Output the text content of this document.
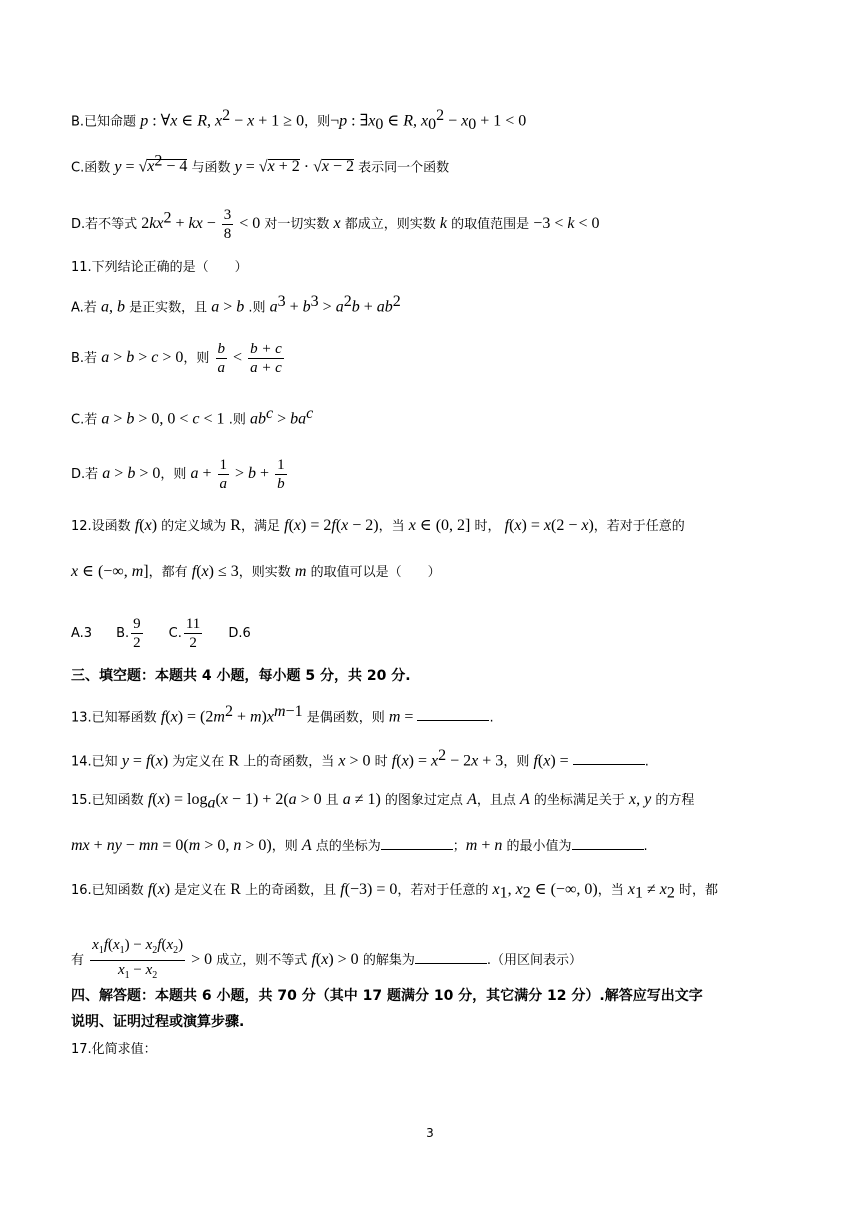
B.已知命题 p : ∀x ∈ R, $x^2 - x + 1 \ge 0$，则¬p : $\exists x_0$ ∈ R, $x_0^2 - x_0 + 1 < 0$
C.函数 $y = √x^2 - 4$ 与函数 y = √x + 2 · √x − 2 表示同一个函数
D.若不等式 $2kx^2$ + kx − $\frac{3}{8} < 0$ 对一切实数 x 都成立，则实数 k 的取值范围是 −3 < k < 0
11.下列结论正确的是（　　）
A.若 a, b 是正实数，且 a > b .则 $a^3 + b^3 > a^2b + ab^2$
B.若 a > b > c > 0，则 $\frac{b}{a} < \frac{b + c}{a + c}$
C.若 a > b > 0, 0 < c < 1 .则 $ab^c > ba^c$
D.若 a > b > 0，则 $a + \frac{1}{a} > b + \frac{1}{b}$
12.设函数 f(x) 的定义域为 R，满足 f(x) = 2f(x − 2)，当 x ∈ (0, 2] 时， f(x) = x(2 − x)，若对于任意的
x ∈ (−∞, m]，都有 f(x) ≤ 3，则实数 m 的取值可以是（　　）
A.3 B. $\frac{9}{2} C$. $\frac{11}{2} D.6$
三、填空题：本题共 4 小题，每小题 5 分，共 20 分.
13.已知幂函数 $f(x) = (2m^2 + m)x^{m-1}$ 是偶函数，则 m =	.
14.已知 y = f(x) 为定义在 R 上的奇函数，当 x > 0 时 $f(x) = x^2 - 2x + 3$，则 f(x) =	.
15.已知函数 $f(x) = \log_a(x - 1) + 2(a > 0$ 且 a ≠ 1) 的图象过定点 A，且点 A 的坐标满足关于 x, y 的方程
mx + ny − mn = 0(m > 0, n > 0)，则 A 点的坐标为	；m + n 的最小值为	.
16.已知函数 f(x) 是定义在 R 上的奇函数，且 f(−3) = 0，若对于任意的 $x_1$, $x_2$ ∈ (−∞, 0)，当 $x_1 \ne x_2$ 时，都
有 $\frac{x_1f(x_1) - x_2f(x_2)}{x_1 - x_2} > 0$ 成立，则不等式 f(x) > 0 的解集为	.（用区间表示）
四、解答题：本题共 6 小题，共 70 分（其中 17 题满分 10 分，其它满分 12 分）.解答应写出文字
说明、证明过程或演算步骤.
17.化简求值：
3
